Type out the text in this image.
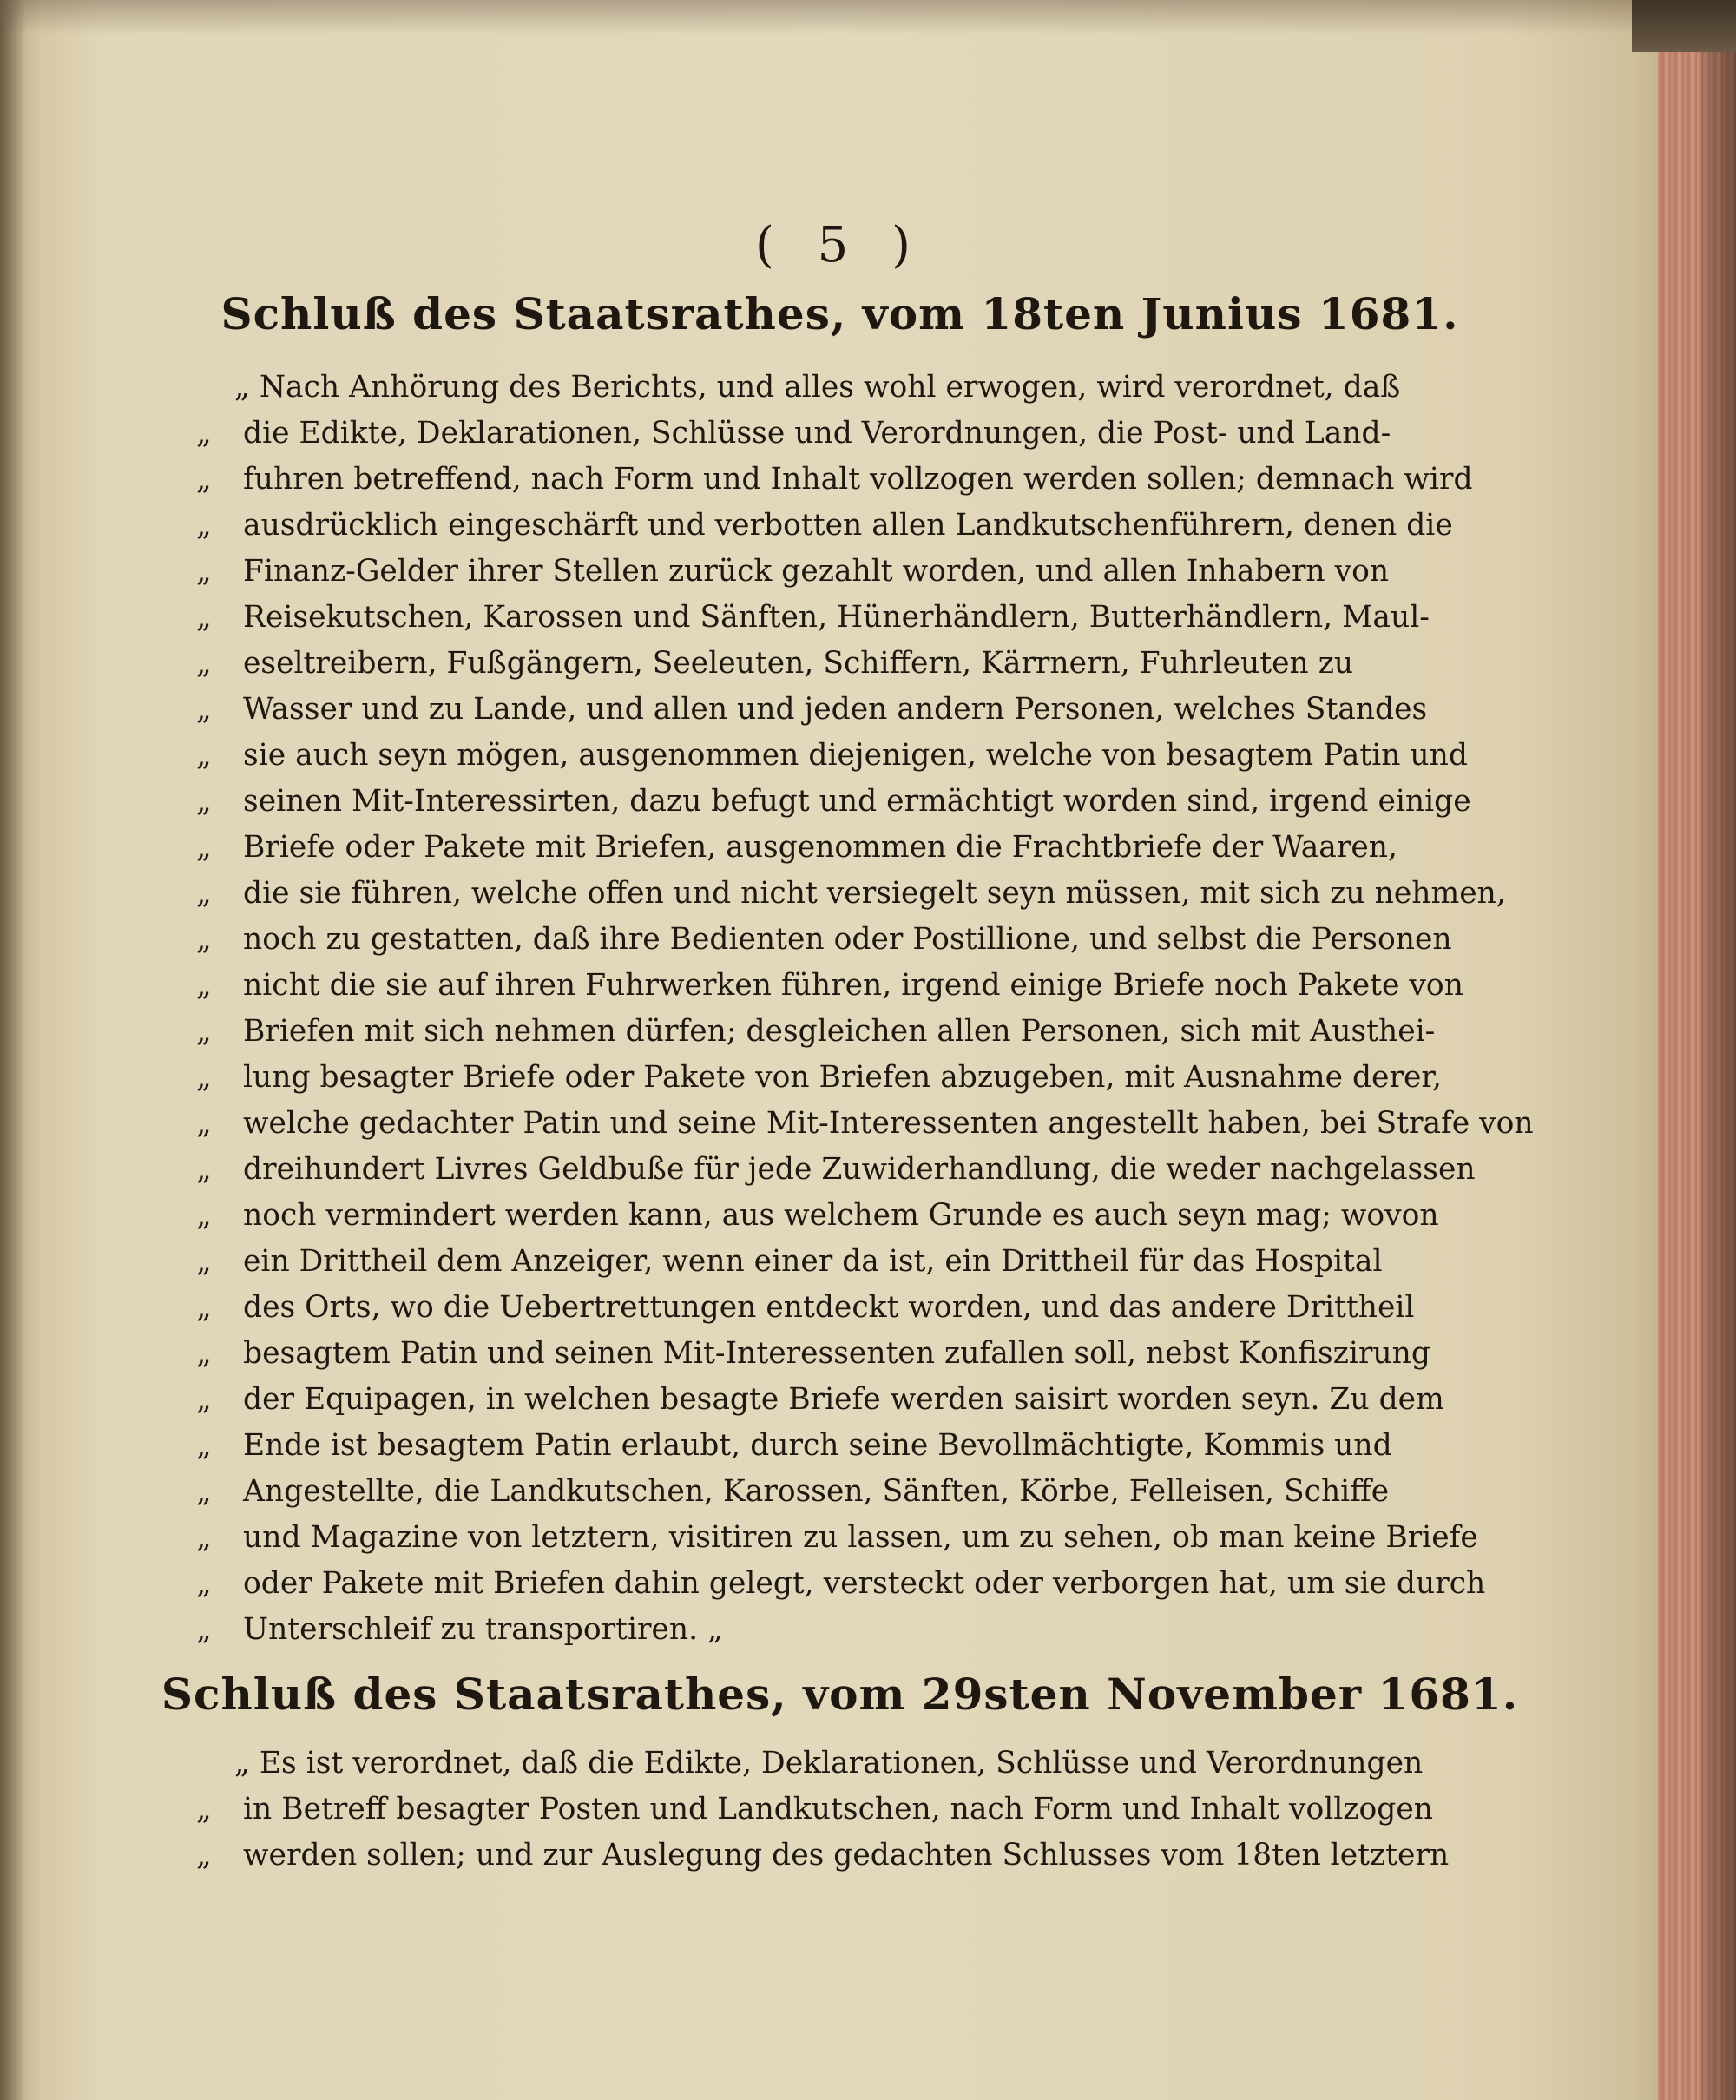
( 5 )
Schluß des Staatsrathes, vom 18ten Junius 1681.
„ Nach Anhörung des Berichts, und alles wohl erwogen, wird verordnet, daß
„ die Edikte, Deklarationen, Schlüsse und Verordnungen, die Post- und Land-
„ fuhren betreffend, nach Form und Inhalt vollzogen werden sollen; demnach wird
„ ausdrücklich eingeschärft und verbotten allen Landkutschenführern, denen die
„ Finanz-Gelder ihrer Stellen zurück gezahlt worden, und allen Inhabern von
„ Reisekutschen, Karossen und Sänften, Hünerhändlern, Butterhändlern, Maul-
„ eseltreibern, Fußgängern, Seeleuten, Schiffern, Kärrnern, Fuhrleuten zu
„ Wasser und zu Lande, und allen und jeden andern Personen, welches Standes
„ sie auch seyn mögen, ausgenommen diejenigen, welche von besagtem Patin und
„ seinen Mit-Interessirten, dazu befugt und ermächtigt worden sind, irgend einige
„ Briefe oder Pakete mit Briefen, ausgenommen die Frachtbriefe der Waaren,
„ die sie führen, welche offen und nicht versiegelt seyn müssen, mit sich zu nehmen,
„ noch zu gestatten, daß ihre Bedienten oder Postillione, und selbst die Personen
„ nicht die sie auf ihren Fuhrwerken führen, irgend einige Briefe noch Pakete von
„ Briefen mit sich nehmen dürfen; desgleichen allen Personen, sich mit Austhei-
„ lung besagter Briefe oder Pakete von Briefen abzugeben, mit Ausnahme derer,
„ welche gedachter Patin und seine Mit-Interessenten angestellt haben, bei Strafe von
„ dreihundert Livres Geldbuße für jede Zuwiderhandlung, die weder nachgelassen
„ noch vermindert werden kann, aus welchem Grunde es auch seyn mag; wovon
„ ein Drittheil dem Anzeiger, wenn einer da ist, ein Drittheil für das Hospital
„ des Orts, wo die Uebertrettungen entdeckt worden, und das andere Drittheil
„ besagtem Patin und seinen Mit-Interessenten zufallen soll, nebst Konfiszirung
„ der Equipagen, in welchen besagte Briefe werden saisirt worden seyn. Zu dem
„ Ende ist besagtem Patin erlaubt, durch seine Bevollmächtigte, Kommis und
„ Angestellte, die Landkutschen, Karossen, Sänften, Körbe, Felleisen, Schiffe
„ und Magazine von letztern, visitiren zu lassen, um zu sehen, ob man keine Briefe
„ oder Pakete mit Briefen dahin gelegt, versteckt oder verborgen hat, um sie durch
„ Unterschleif zu transportiren. „
Schluß des Staatsrathes, vom 29sten November 1681.
„ Es ist verordnet, daß die Edikte, Deklarationen, Schlüsse und Verordnungen
„ in Betreff besagter Posten und Landkutschen, nach Form und Inhalt vollzogen
„ werden sollen; und zur Auslegung des gedachten Schlusses vom 18ten letztern
